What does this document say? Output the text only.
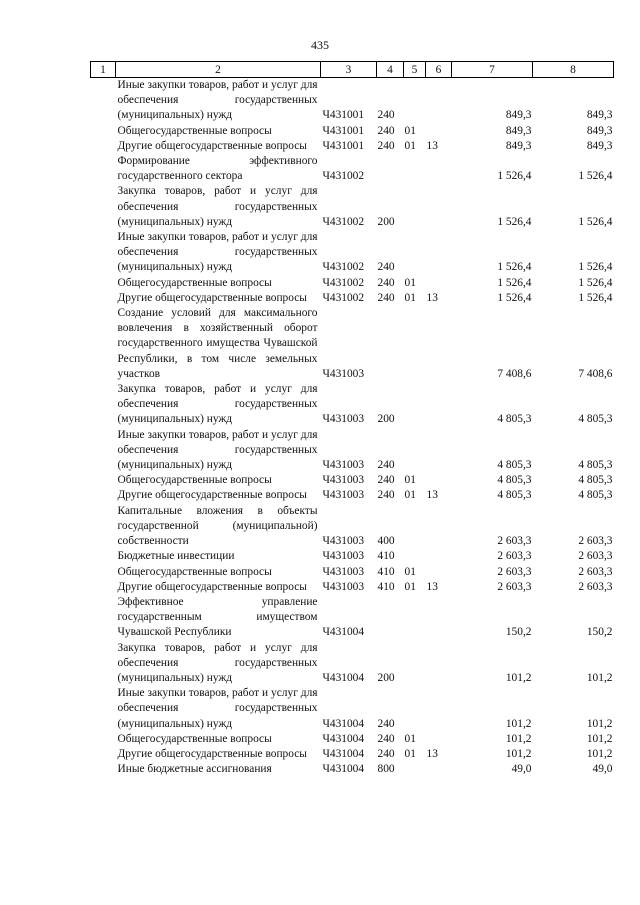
435
1	2	3	4	5	6	7	8
	Иные закупки товаров, работ и услуг для обеспечения государственных (муниципальных) нужд	Ч431001	240			849,3	849,3
	Общегосударственные вопросы	Ч431001	240	01		849,3	849,3
	Другие общегосударственные вопросы	Ч431001	240	01	13	849,3	849,3
	Формирование эффективного государственного сектора	Ч431002				1 526,4	1 526,4
	Закупка товаров, работ и услуг для обеспечения государственных (муниципальных) нужд	Ч431002	200			1 526,4	1 526,4
	Иные закупки товаров, работ и услуг для обеспечения государственных (муниципальных) нужд	Ч431002	240			1 526,4	1 526,4
	Общегосударственные вопросы	Ч431002	240	01		1 526,4	1 526,4
	Другие общегосударственные вопросы	Ч431002	240	01	13	1 526,4	1 526,4
	Создание условий для максимального вовлечения в хозяйственный оборот государственного имущества Чувашской Республики, в том числе земельных участков	Ч431003				7 408,6	7 408,6
	Закупка товаров, работ и услуг для обеспечения государственных (муниципальных) нужд	Ч431003	200			4 805,3	4 805,3
	Иные закупки товаров, работ и услуг для обеспечения государственных (муниципальных) нужд	Ч431003	240			4 805,3	4 805,3
	Общегосударственные вопросы	Ч431003	240	01		4 805,3	4 805,3
	Другие общегосударственные вопросы	Ч431003	240	01	13	4 805,3	4 805,3
	Капитальные вложения в объекты государственной (муниципальной) собственности	Ч431003	400			2 603,3	2 603,3
	Бюджетные инвестиции	Ч431003	410			2 603,3	2 603,3
	Общегосударственные вопросы	Ч431003	410	01		2 603,3	2 603,3
	Другие общегосударственные вопросы	Ч431003	410	01	13	2 603,3	2 603,3
	Эффективное управление государственным имуществом Чувашской Республики	Ч431004				150,2	150,2
	Закупка товаров, работ и услуг для обеспечения государственных (муниципальных) нужд	Ч431004	200			101,2	101,2
	Иные закупки товаров, работ и услуг для обеспечения государственных (муниципальных) нужд	Ч431004	240			101,2	101,2
	Общегосударственные вопросы	Ч431004	240	01		101,2	101,2
	Другие общегосударственные вопросы	Ч431004	240	01	13	101,2	101,2
	Иные бюджетные ассигнования	Ч431004	800			49,0	49,0
